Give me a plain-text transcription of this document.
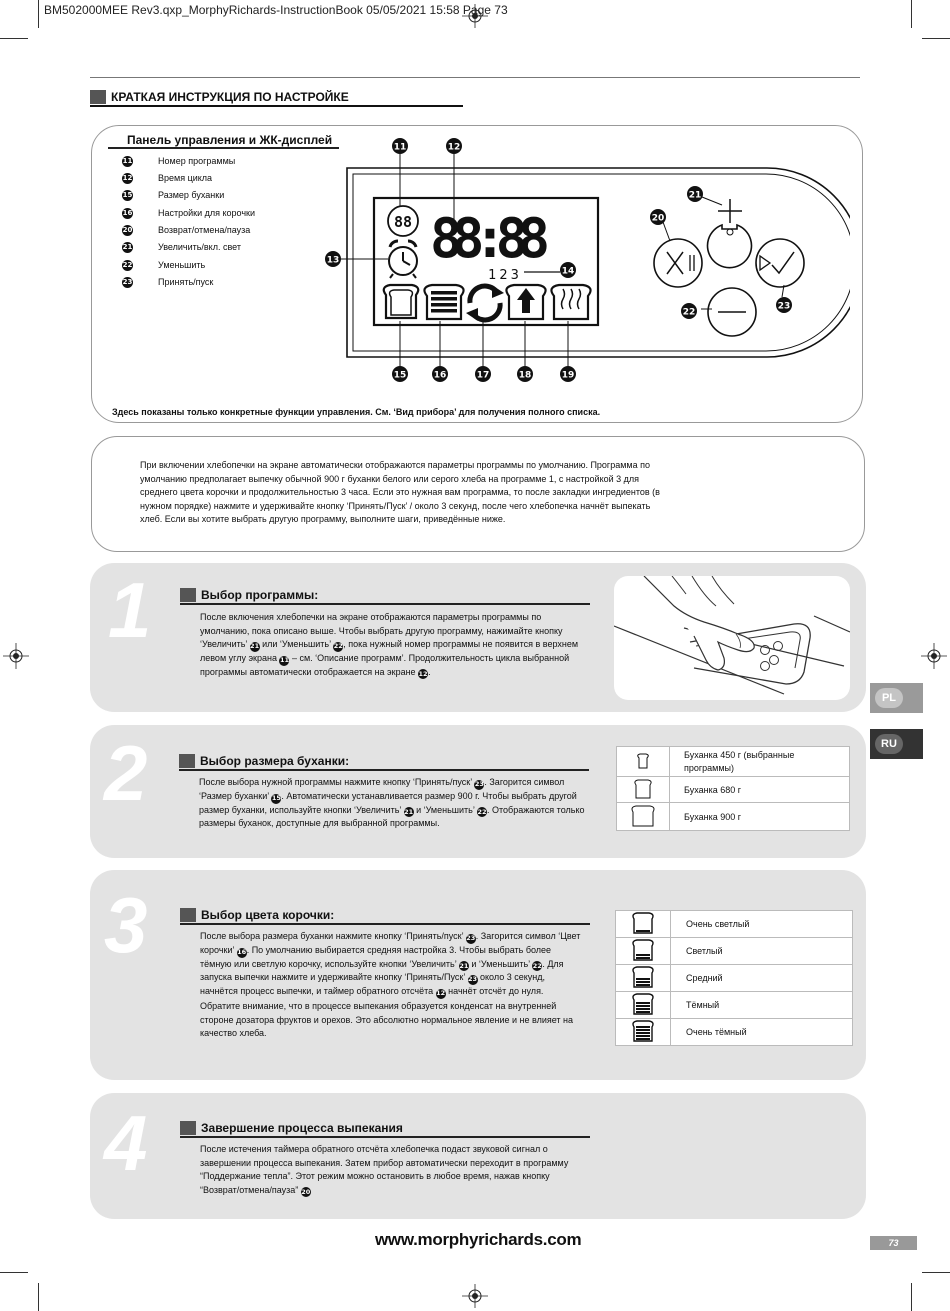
BM502000MEE Rev3.qxp_MorphyRichards-InstructionBook 05/05/2021 15:58 Page 73
КРАТКАЯ ИНСТРУКЦИЯ ПО НАСТРОЙКЕ
Панель управления и ЖК-дисплей
11	Номер программы
12	Время цикла
15	Размер буханки
16	Настройки для корочки
20	Возврат/отмена/пауза
21	Увеличить/вкл. свет
22	Уменьшить
23	Принять/пуск
88 88:88
123
11	12
13
14
15	16	17	18	19
20
21
22
23
Здесь показаны только конкретные функции управления. См. ‘Вид прибора’ для получения полного списка.
При включении хлебопечки на экране автоматически отображаются параметры программы по умолчанию. Программа по умолчанию предполагает выпечку обычной 900 г буханки белого или серого хлеба на программе 1, с настройкой 3 для среднего цвета корочки и продолжительностью 3 часа. Если это нужная вам программа, то после закладки ингредиентов (в нужном порядке) нажмите и удерживайте кнопку ‘Принять/Пуск’ / около 3 секунд, после чего хлебопечка начнёт выпекать хлеб. Если вы хотите выбрать другую программу, выполните шаги, приведённые ниже.
1
2
3
4
Выбор программы:
Выбор размера буханки:
Выбор цвета корочки:
Завершение процесса выпекания
После включения хлебопечки на экране отображаются параметры программы по умолчанию, пока описано выше. Чтобы выбрать другую программу, нажимайте кнопку ‘Увеличить’ 21 или ‘Уменьшить’ 22, пока нужный номер программы не появится в верхнем левом углу экрана 11 – см. ‘Описание программ’. Продолжительность цикла выбранной программы автоматически отображается на экране 12.
После выбора нужной программы нажмите кнопку ‘Принять/пуск’ 23. Загорится символ ‘Размер буханки’ 15. Автоматически устанавливается размер 900 г. Чтобы выбрать другой размер буханки, используйте кнопки ‘Увеличить’ 21 и ‘Уменьшить’ 22. Отображаются только размеры буханок, доступные для выбранной программы.
После выбора размера буханки нажмите кнопку ‘Принять/пуск’ 23. Загорится символ ‘Цвет корочки’ 16. По умолчанию выбирается средняя настройка 3. Чтобы выбрать более тёмную или светлую корочку, используйте кнопки ‘Увеличить’ 21 и ‘Уменьшить’ 22. Для запуска выпечки нажмите и удерживайте кнопку ‘Принять/Пуск’ 23 около 3 секунд, начнётся процесс выпечки, и таймер обратного отсчёта 12 начнёт отсчёт до нуля.
Обратите внимание, что в процессе выпекания образуется конденсат на внутренней стороне дозатора фруктов и орехов. Это абсолютно нормальное явление и не влияет на качество хлеба.
После истечения таймера обратного отсчёта хлебопечка подаст звуковой сигнал о завершении процесса выпекания. Затем прибор автоматически переходит в программу “Поддержание тепла”. Этот режим можно остановить в любое время, нажав кнопку “Возврат/отмена/пауза” 20
	Буханка 450 г (выбранные программы)
	Буханка 680 г
	Буханка 900 г
	Очень светлый
	Светлый
	Средний
	Тёмный
	Очень тёмный
PL
RU
www.morphyrichards.com	73
